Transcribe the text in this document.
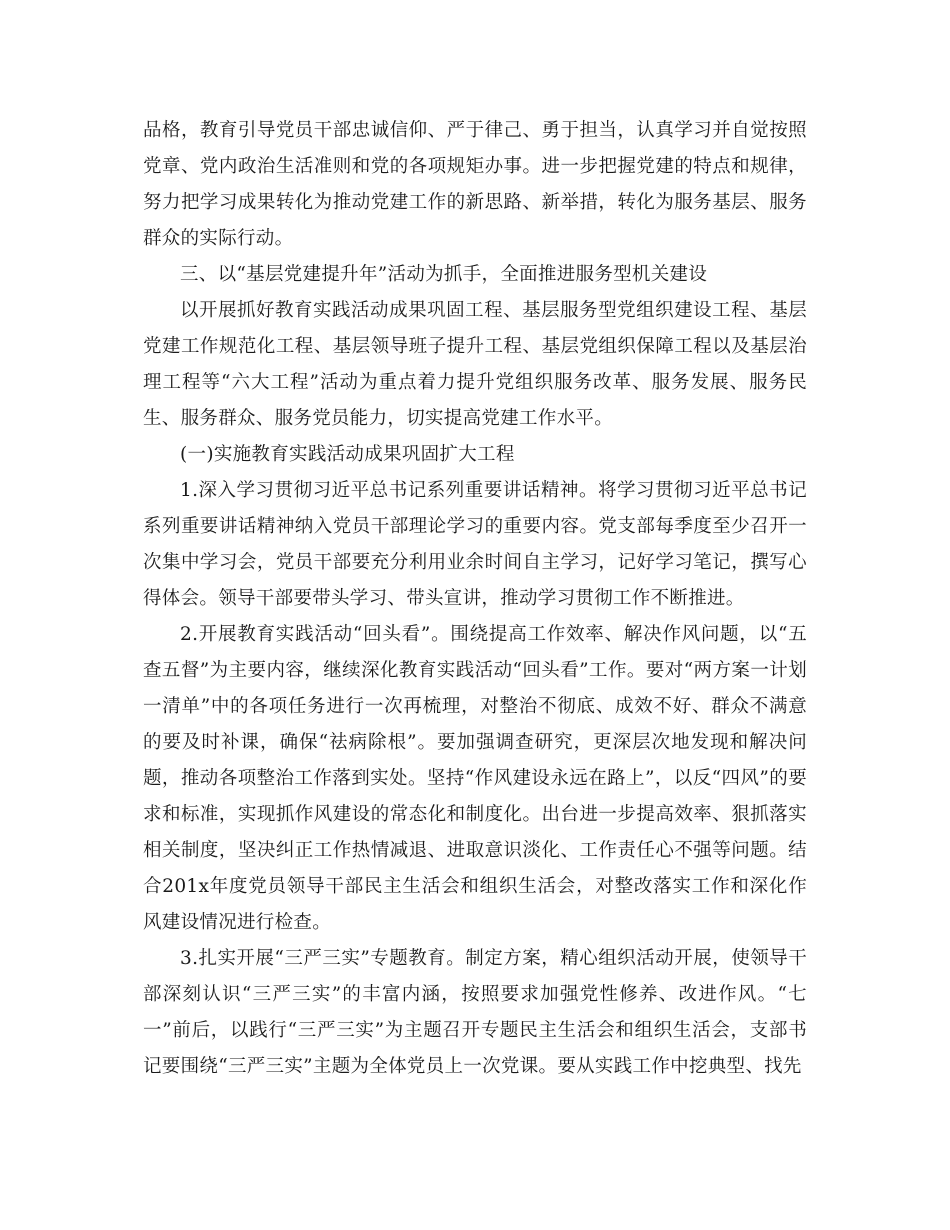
品格，教育引导党员干部忠诚信仰、严于律己、勇于担当，认真学习并自觉按照党章、党内政治生活准则和党的各项规矩办事。进一步把握党建的特点和规律，努力把学习成果转化为推动党建工作的新思路、新举措，转化为服务基层、服务群众的实际行动。

三、以“基层党建提升年”活动为抓手，全面推进服务型机关建设

以开展抓好教育实践活动成果巩固工程、基层服务型党组织建设工程、基层党建工作规范化工程、基层领导班子提升工程、基层党组织保障工程以及基层治理工程等“六大工程”活动为重点着力提升党组织服务改革、服务发展、服务民生、服务群众、服务党员能力，切实提高党建工作水平。

(一)实施教育实践活动成果巩固扩大工程

1.深入学习贯彻习近平总书记系列重要讲话精神。将学习贯彻习近平总书记系列重要讲话精神纳入党员干部理论学习的重要内容。党支部每季度至少召开一次集中学习会，党员干部要充分利用业余时间自主学习，记好学习笔记，撰写心得体会。领导干部要带头学习、带头宣讲，推动学习贯彻工作不断推进。

2.开展教育实践活动“回头看”。围绕提高工作效率、解决作风问题，以“五查五督”为主要内容，继续深化教育实践活动“回头看”工作。要对“两方案一计划一清单”中的各项任务进行一次再梳理，对整治不彻底、成效不好、群众不满意的要及时补课，确保“祛病除根”。要加强调查研究，更深层次地发现和解决问题，推动各项整治工作落到实处。坚持“作风建设永远在路上”，以反“四风”的要求和标准，实现抓作风建设的常态化和制度化。出台进一步提高效率、狠抓落实相关制度，坚决纠正工作热情减退、进取意识淡化、工作责任心不强等问题。结合201x年度党员领导干部民主生活会和组织生活会，对整改落实工作和深化作风建设情况进行检查。

3.扎实开展“三严三实”专题教育。制定方案，精心组织活动开展，使领导干部深刻认识“三严三实”的丰富内涵，按照要求加强党性修养、改进作风。“七一”前后，以践行“三严三实”为主题召开专题民主生活会和组织生活会，支部书记要围绕“三严三实”主题为全体党员上一次党课。要从实践工作中挖典型、找先
